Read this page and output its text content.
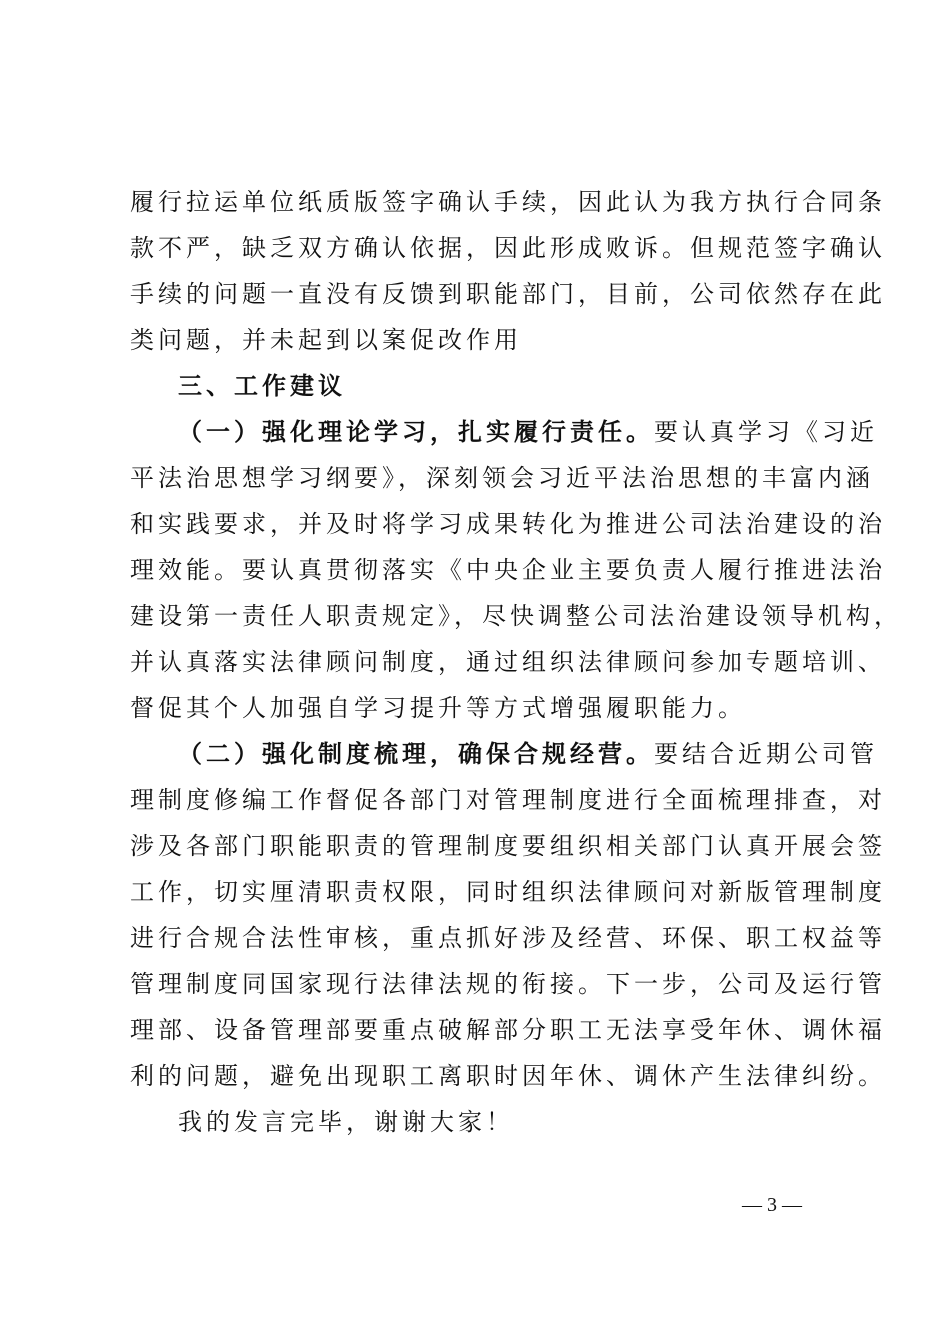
履行拉运单位纸质版签字确认手续，因此认为我方执行合同条
款不严，缺乏双方确认依据，因此形成败诉。但规范签字确认
手续的问题一直没有反馈到职能部门，目前，公司依然存在此
类问题，并未起到以案促改作用
三、工作建议
（一）强化理论学习，扎实履行责任。要认真学习《习近
平法治思想学习纲要》，深刻领会习近平法治思想的丰富内涵
和实践要求，并及时将学习成果转化为推进公司法治建设的治
理效能。要认真贯彻落实《中央企业主要负责人履行推进法治
建设第一责任人职责规定》，尽快调整公司法治建设领导机构，
并认真落实法律顾问制度，通过组织法律顾问参加专题培训、
督促其个人加强自学习提升等方式增强履职能力。
（二）强化制度梳理，确保合规经营。要结合近期公司管
理制度修编工作督促各部门对管理制度进行全面梳理排查，对
涉及各部门职能职责的管理制度要组织相关部门认真开展会签
工作，切实厘清职责权限，同时组织法律顾问对新版管理制度
进行合规合法性审核，重点抓好涉及经营、环保、职工权益等
管理制度同国家现行法律法规的衔接。下一步，公司及运行管
理部、设备管理部要重点破解部分职工无法享受年休、调休福
利的问题，避免出现职工离职时因年休、调休产生法律纠纷。
我的发言完毕，谢谢大家！
— 3 —
